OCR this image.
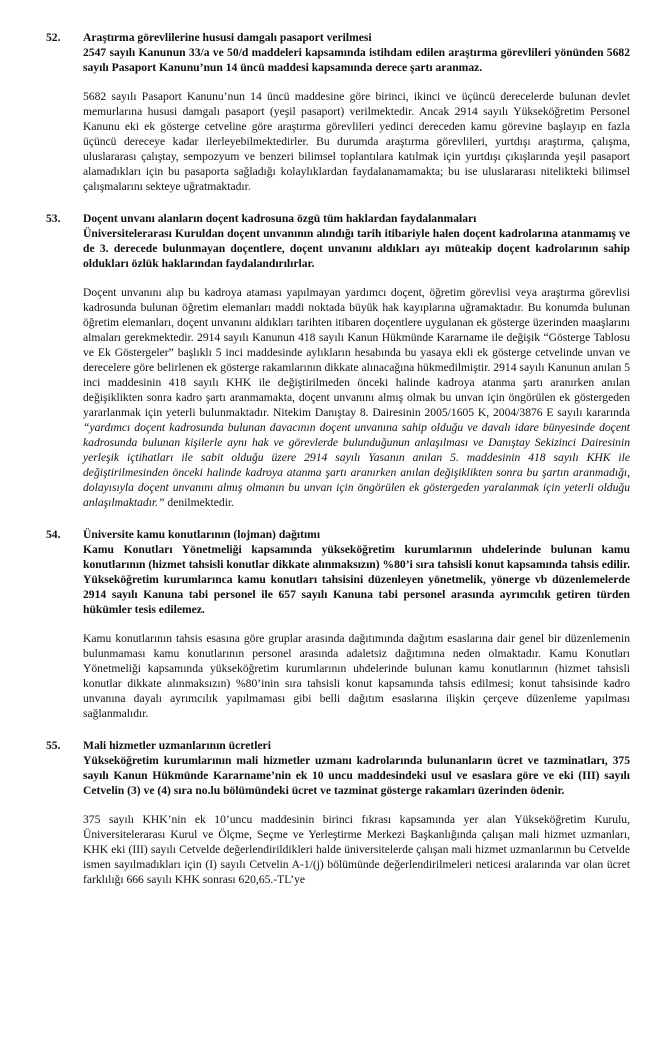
52.	Araştırma görevlilerine hususi damgalı pasaport verilmesi
2547 sayılı Kanunun 33/a ve 50/d maddeleri kapsamında istihdam edilen araştırma görevlileri yönünden 5682 sayılı Pasaport Kanunu’nun 14 üncü maddesi kapsamında derece şartı aranmaz.

5682 sayılı Pasaport Kanunu’nun 14 üncü maddesine göre birinci, ikinci ve üçüncü derecelerde bulunan devlet memurlarına hususi damgalı pasaport (yeşil pasaport) verilmektedir. Ancak 2914 sayılı Yükseköğretim Personel Kanunu eki ek gösterge cetveline göre araştırma görevlileri yedinci dereceden kamu görevine başlayıp en fazla üçüncü dereceye kadar ilerleyebilmektedirler. Bu durumda araştırma görevlileri, yurtdışı araştırma, çalışma, uluslararası çalıştay, sempozyum ve benzeri bilimsel toplantılara katılmak için yurtdışı çıkışlarında yeşil pasaport alamadıkları için bu pasaporta sağladığı kolaylıklardan faydalanamamakta; bu ise uluslararası nitelikteki bilimsel çalışmalarını sekteye uğratmaktadır.

53.	Doçent unvanı alanların doçent kadrosuna özgü tüm haklardan faydalanmaları
Üniversitelerarası Kuruldan doçent unvanının alındığı tarih itibariyle halen doçent kadrolarına atanmamış ve de 3. derecede bulunmayan doçentlere, doçent unvanını aldıkları ayı müteakip doçent kadrolarının sahip oldukları özlük haklarından faydalandırılırlar.

Doçent unvanını alıp bu kadroya ataması yapılmayan yardımcı doçent, öğretim görevlisi veya araştırma görevlisi kadrosunda bulunan öğretim elemanları maddi noktada büyük hak kayıplarına uğramaktadır. Bu konumda bulunan öğretim elemanları, doçent unvanını aldıkları tarihten itibaren doçentlere uygulanan ek gösterge üzerinden maaşlarını almaları gerekmektedir. 2914 sayılı Kanunun 418 sayılı Kanun Hükmünde Kararname ile değişik “Gösterge Tablosu ve Ek Göstergeler” başlıklı 5 inci maddesinde aylıkların hesabında bu yasaya ekli ek gösterge cetvelinde unvan ve derecelere göre belirlenen ek gösterge rakamlarının dikkate alınacağına hükmedilmiştir. 2914 sayılı Kanunun anılan 5 inci maddesinin 418 sayılı KHK ile değiştirilmeden önceki halinde kadroya atanma şartı aranırken anılan değişiklikten sonra kadro şartı aranmamakta, doçent unvanını almış olmak bu unvan için öngörülen ek göstergeden yararlanmak için yeterli bulunmaktadır. Nitekim Danıştay 8. Dairesinin 2005/1605 K, 2004/3876 E sayılı kararında “yardımcı doçent kadrosunda bulunan davacının doçent unvanına sahip olduğu ve davalı idare bünyesinde doçent kadrosunda bulunan kişilerle aynı hak ve görevlerde bulunduğunun anlaşılması ve Danıştay Sekizinci Dairesinin yerleşik içtihatları ile sabit olduğu üzere 2914 sayılı Yasanın anılan 5. maddesinin 418 sayılı KHK ile değiştirilmesinden önceki halinde kadroya atanma şartı aranırken anılan değişiklikten sonra bu şartın aranmadığı, dolayısıyla doçent unvanını almış olmanın bu unvan için öngörülen ek göstergeden yaralanmak için yeterli olduğu anlaşılmaktadır.” denilmektedir.

54.	Üniversite kamu konutlarının (lojman) dağıtımı
Kamu Konutları Yönetmeliği kapsamında yükseköğretim kurumlarının uhdelerinde bulunan kamu konutlarının (hizmet tahsisli konutlar dikkate alınmaksızın) %80’i sıra tahsisli konut kapsamında tahsis edilir. Yükseköğretim kurumlarınca kamu konutları tahsisini düzenleyen yönetmelik, yönerge vb düzenlemelerde 2914 sayılı Kanuna tabi personel ile 657 sayılı Kanuna tabi personel arasında ayrımcılık getiren türden hükümler tesis edilemez.

Kamu konutlarının tahsis esasına göre gruplar arasında dağıtımında dağıtım esaslarına dair genel bir düzenlemenin bulunmaması kamu konutlarının personel arasında adaletsiz dağıtımına neden olmaktadır. Kamu Konutları Yönetmeliği kapsamında yükseköğretim kurumlarının uhdelerinde bulunan kamu konutlarının (hizmet tahsisli konutlar dikkate alınmaksızın) %80’inin sıra tahsisli konut kapsamında tahsis edilmesi; konut tahsisinde kadro unvanına dayalı ayrımcılık yapılmaması gibi belli dağıtım esaslarına ilişkin çerçeve düzenleme yapılması sağlanmalıdır.

55.	Mali hizmetler uzmanlarının ücretleri
Yükseköğretim kurumlarının mali hizmetler uzmanı kadrolarında bulunanların ücret ve tazminatları, 375 sayılı Kanun Hükmünde Kararname’nin ek 10 uncu maddesindeki usul ve esaslara göre ve eki (III) sayılı Cetvelin (3) ve (4) sıra no.lu bölümündeki ücret ve tazminat gösterge rakamları üzerinden ödenir.

375 sayılı KHK’nin ek 10’uncu maddesinin birinci fıkrası kapsamında yer alan Yükseköğretim Kurulu, Üniversitelerarası Kurul ve Ölçme, Seçme ve Yerleştirme Merkezi Başkanlığında çalışan mali hizmet uzmanları, KHK eki (III) sayılı Cetvelde değerlendirildikleri halde üniversitelerde çalışan mali hizmet uzmanlarının bu Cetvelde ismen sayılmadıkları için (I) sayılı Cetvelin A-1/(j) bölümünde değerlendirilmeleri neticesi aralarında var olan ücret farklılığı 666 sayılı KHK sonrası 620,65.-TL’ye
